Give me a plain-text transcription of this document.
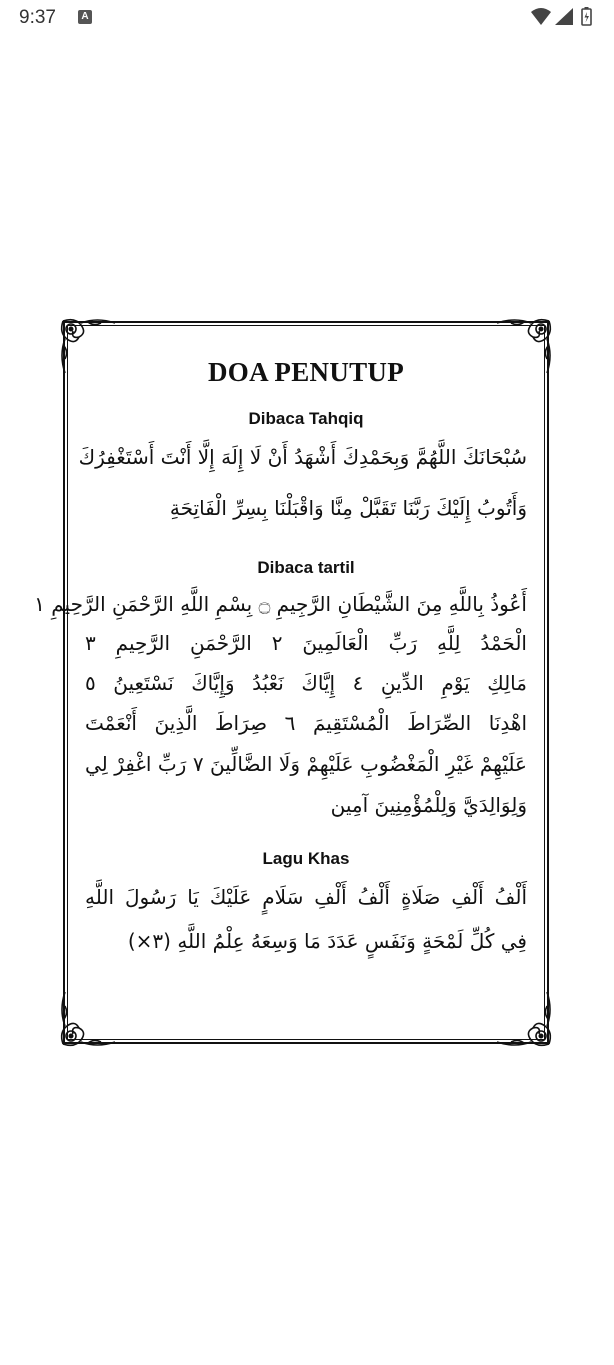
9:37	A
DOA PENUTUP
Dibaca Tahqiq
سُبْحَانَكَ اللَّهُمَّ وَبِحَمْدِكَ أَشْهَدُ أَنْ لَا إِلَهَ إِلَّا أَنْتَ أَسْتَغْفِرُكَ
وَأَتُوبُ إِلَيْكَ رَبَّنَا تَقَبَّلْ مِنَّا وَاقْبَلْنَا بِسِرِّ الْفَاتِحَةِ
Dibaca tartil
أَعُوذُ بِاللَّهِ مِنَ الشَّيْطَانِ الرَّجِيمِ ۝ بِسْمِ اللَّهِ الرَّحْمَنِ الرَّحِيمِ ١
الْحَمْدُ لِلَّهِ رَبِّ الْعَالَمِينَ ٢ الرَّحْمَنِ الرَّحِيمِ ٣
مَالِكِ يَوْمِ الدِّينِ ٤ إِيَّاكَ نَعْبُدُ وَإِيَّاكَ نَسْتَعِينُ ٥
اهْدِنَا الصِّرَاطَ الْمُسْتَقِيمَ ٦ صِرَاطَ الَّذِينَ أَنْعَمْتَ
عَلَيْهِمْ غَيْرِ الْمَغْضُوبِ عَلَيْهِمْ وَلَا الضَّالِّينَ ٧ رَبِّ اغْفِرْ لِي
وَلِوَالِدَيَّ وَلِلْمُؤْمِنِينَ آمِين
Lagu Khas
أَلْفُ أَلْفِ صَلَاةٍ أَلْفُ أَلْفِ سَلَامٍ عَلَيْكَ يَا رَسُولَ اللَّهِ
فِي كُلِّ لَمْحَةٍ وَنَفَسٍ عَدَدَ مَا وَسِعَهُ عِلْمُ اللَّهِ (٣×)
